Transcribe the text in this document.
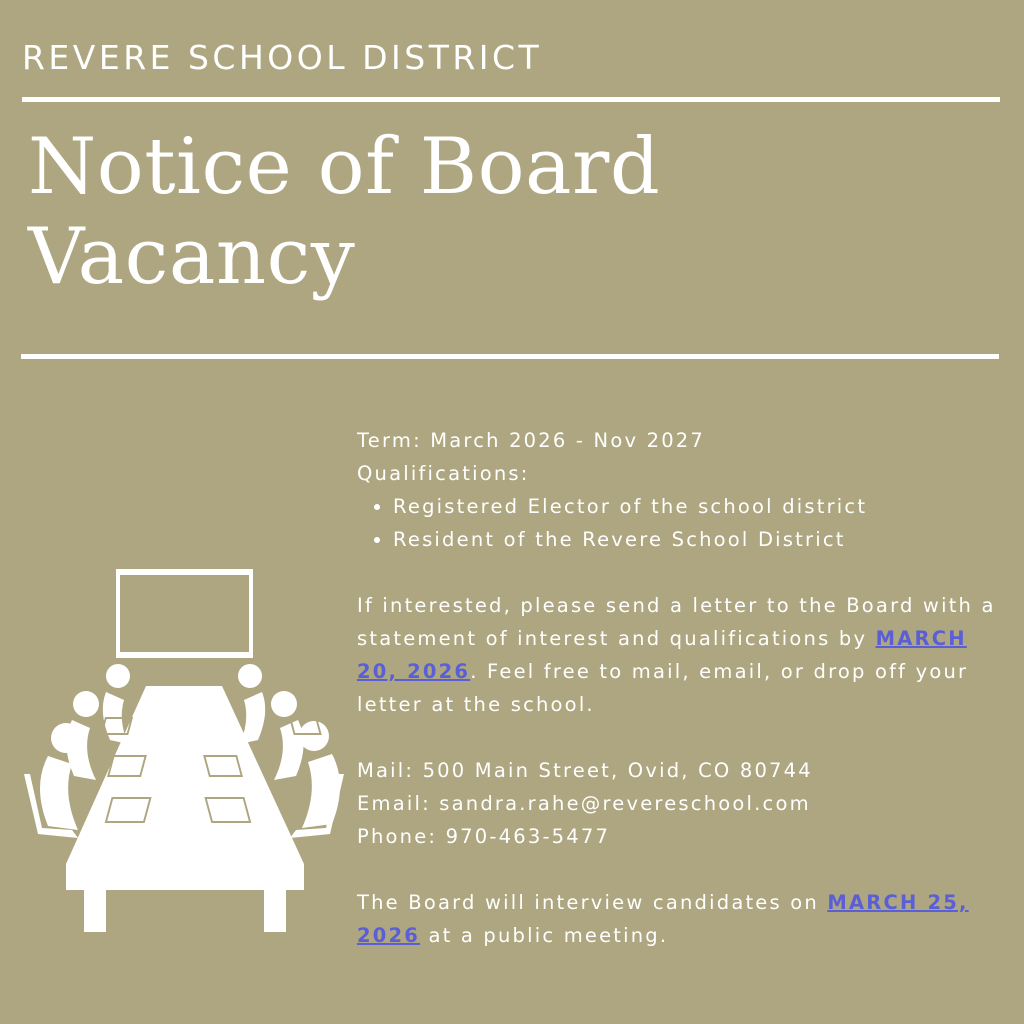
REVERE SCHOOL DISTRICT
Notice of Board
Vacancy

Term: March 2026 - Nov 2027

Qualifications:

• Registered Elector of the school district
• Resident of the Revere School District

If interested, please send a letter to the Board with a statement of interest and qualifications by MARCH 20, 2026. Feel free to mail, email, or drop off your letter at the school.

Mail: 500 Main Street, Ovid, CO 80744

Email: sandra.rahe@revereschool.com

Phone: 970-463-5477

The Board will interview candidates on MARCH 25, 2026 at a public meeting.
